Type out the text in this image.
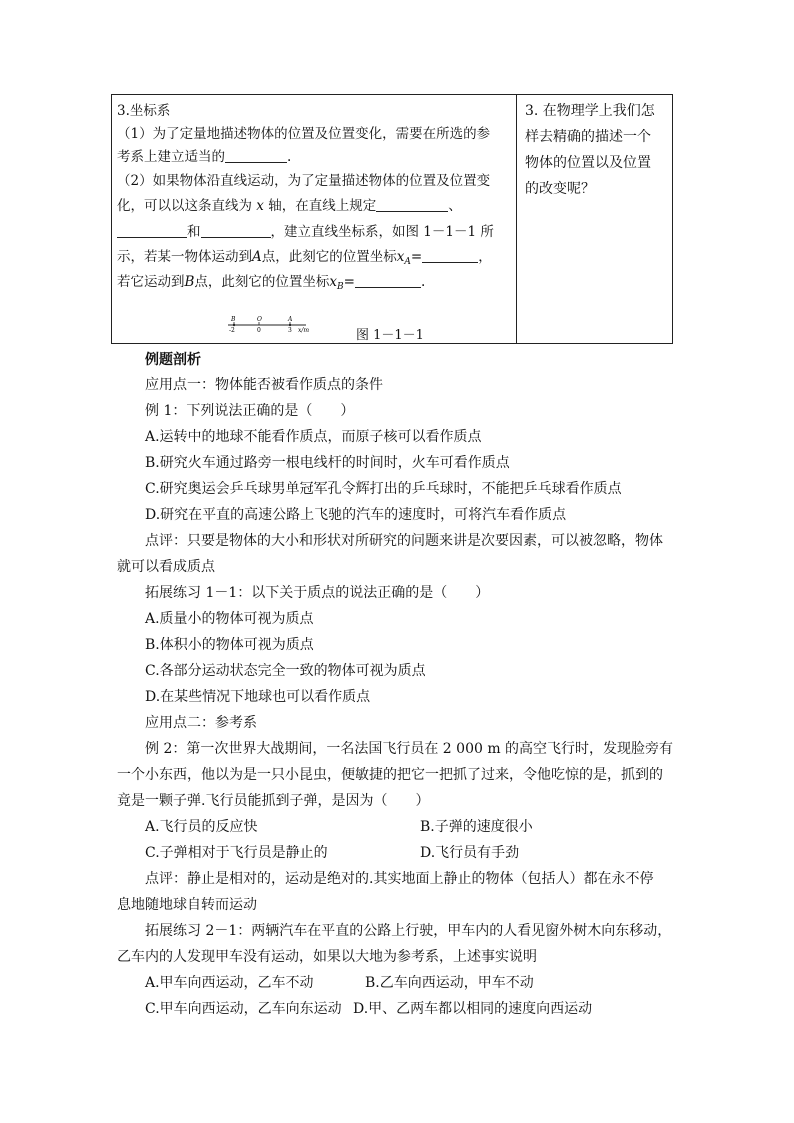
3.坐标系
（1）为了定量地描述物体的位置及位置变化，需要在所选的参
考系上建立适当的	.
（2）如果物体沿直线运动，为了定量描述物体的位置及位置变
化，可以以这条直线为 x 轴，在直线上规定	、
和	，建立直线坐标系，如图 1－1－1 所
示，若某一物体运动到A点，此刻它的位置坐标$x_A=$	，
若它运动到B点，此刻它的位置坐标$x_B=$	.
3. 在物理学上我们怎
样去精确的描述一个
物体的位置以及位置
的改变呢？
B	O	A
-2	0	3 x/m	图 1－1－1
例题剖析
应用点一：物体能否被看作质点的条件
例 1：下列说法正确的是（　　）
A.运转中的地球不能看作质点，而原子核可以看作质点
B.研究火车通过路旁一根电线杆的时间时，火车可看作质点
C.研究奥运会乒乓球男单冠军孔令辉打出的乒乓球时，不能把乒乓球看作质点
D.研究在平直的高速公路上飞驰的汽车的速度时，可将汽车看作质点
点评：只要是物体的大小和形状对所研究的问题来讲是次要因素，可以被忽略，物体
就可以看成质点
拓展练习 1－1：以下关于质点的说法正确的是（　　）
A.质量小的物体可视为质点
B.体积小的物体可视为质点
C.各部分运动状态完全一致的物体可视为质点
D.在某些情况下地球也可以看作质点
应用点二：参考系
例 2：第一次世界大战期间，一名法国飞行员在 2 000 m 的高空飞行时，发现脸旁有
一个小东西，他以为是一只小昆虫，便敏捷的把它一把抓了过来，令他吃惊的是，抓到的
竟是一颗子弹.飞行员能抓到子弹，是因为（　　）
A.飞行员的反应快	B.子弹的速度很小
C.子弹相对于飞行员是静止的	D.飞行员有手劲
点评：静止是相对的，运动是绝对的.其实地面上静止的物体（包括人）都在永不停
息地随地球自转而运动
拓展练习 2－1：两辆汽车在平直的公路上行驶，甲车内的人看见窗外树木向东移动，
乙车内的人发现甲车没有运动，如果以大地为参考系，上述事实说明
A.甲车向西运动，乙车不动	B.乙车向西运动，甲车不动
C.甲车向西运动，乙车向东运动 D.甲、乙两车都以相同的速度向西运动
